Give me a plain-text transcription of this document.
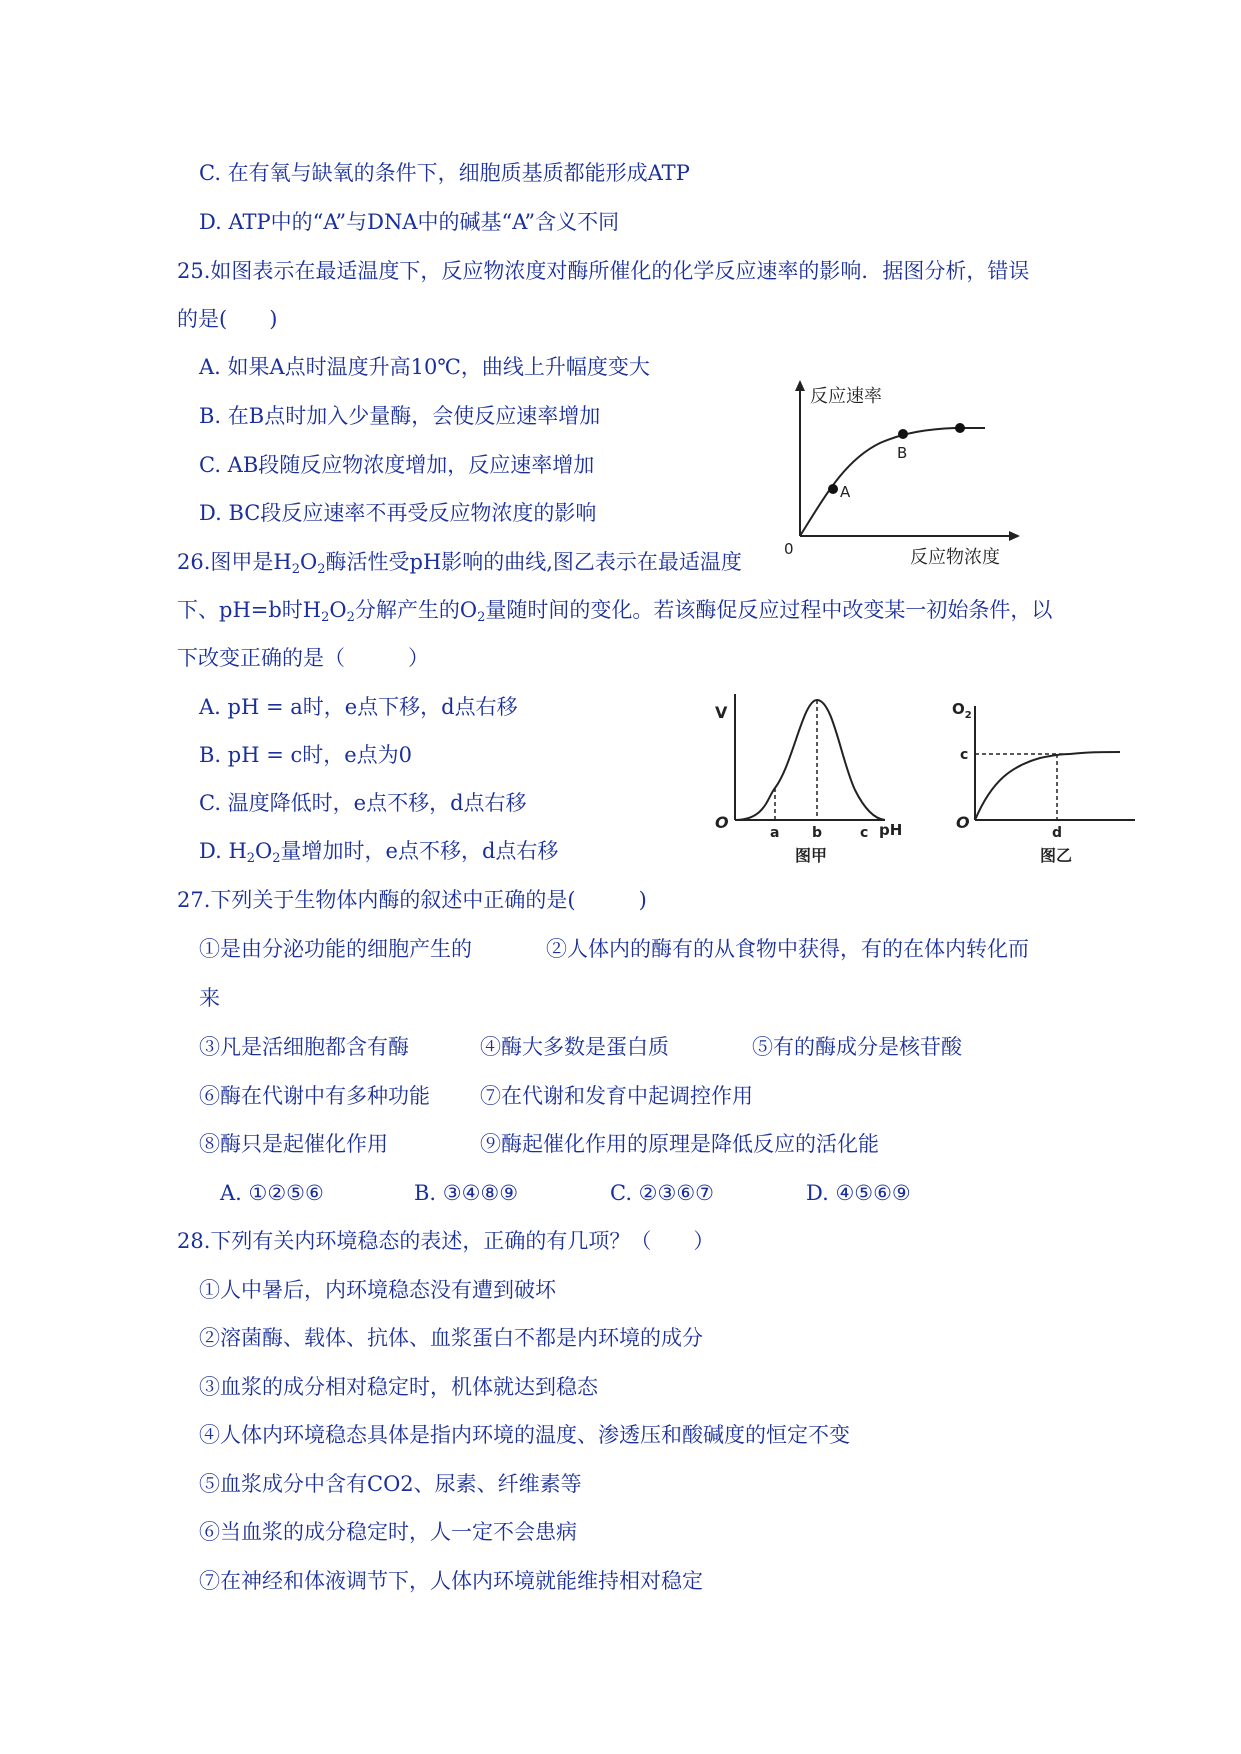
C. 在有氧与缺氧的条件下，细胞质基质都能形成ATP
D. ATP中的“A”与DNA中的碱基“A”含义不同
25.如图表示在最适温度下，反应物浓度对酶所催化的化学反应速率的影响．据图分析，错误
的是(　　)
A. 如果A点时温度升高10℃，曲线上升幅度变大
B. 在B点时加入少量酶，会使反应速率增加
C. AB段随反应物浓度增加，反应速率增加
D. BC段反应速率不再受反应物浓度的影响
反应速率
反应物浓度
0
A
B
26.图甲是$H_2O_2$酶活性受pH影响的曲线,图乙表示在最适温度
下、pH=b时$H_2O_2$分解产生的$O_2$量随时间的变化。若该酶促反应过程中改变某一初始条件，以
下改变正确的是（　　　）
A. pH = a时，e点下移，d点右移
B. pH = c时，e点为0
C. 温度降低时，e点不移，d点右移
D. $H_2O_2$量增加时，e点不移，d点右移
V
O
a b	c pH
图甲
$O_2$
c
O
d
图乙
27.下列关于生物体内酶的叙述中正确的是(　　　)
①是由分泌功能的细胞产生的	②人体内的酶有的从食物中获得，有的在体内转化而
来
③凡是活细胞都含有酶	④酶大多数是蛋白质	⑤有的酶成分是核苷酸
⑥酶在代谢中有多种功能 ⑦在代谢和发育中起调控作用
⑧酶只是起催化作用	⑨酶起催化作用的原理是降低反应的活化能
A. ①②⑤⑥	B. ③④⑧⑨	C. ②③⑥⑦	D. ④⑤⑥⑨
28.下列有关内环境稳态的表述，正确的有几项？（　　）
①人中暑后，内环境稳态没有遭到破坏
②溶菌酶、载体、抗体、血浆蛋白不都是内环境的成分
③血浆的成分相对稳定时，机体就达到稳态
④人体内环境稳态具体是指内环境的温度、渗透压和酸碱度的恒定不变
⑤血浆成分中含有CO2、尿素、纤维素等
⑥当血浆的成分稳定时，人一定不会患病
⑦在神经和体液调节下，人体内环境就能维持相对稳定
